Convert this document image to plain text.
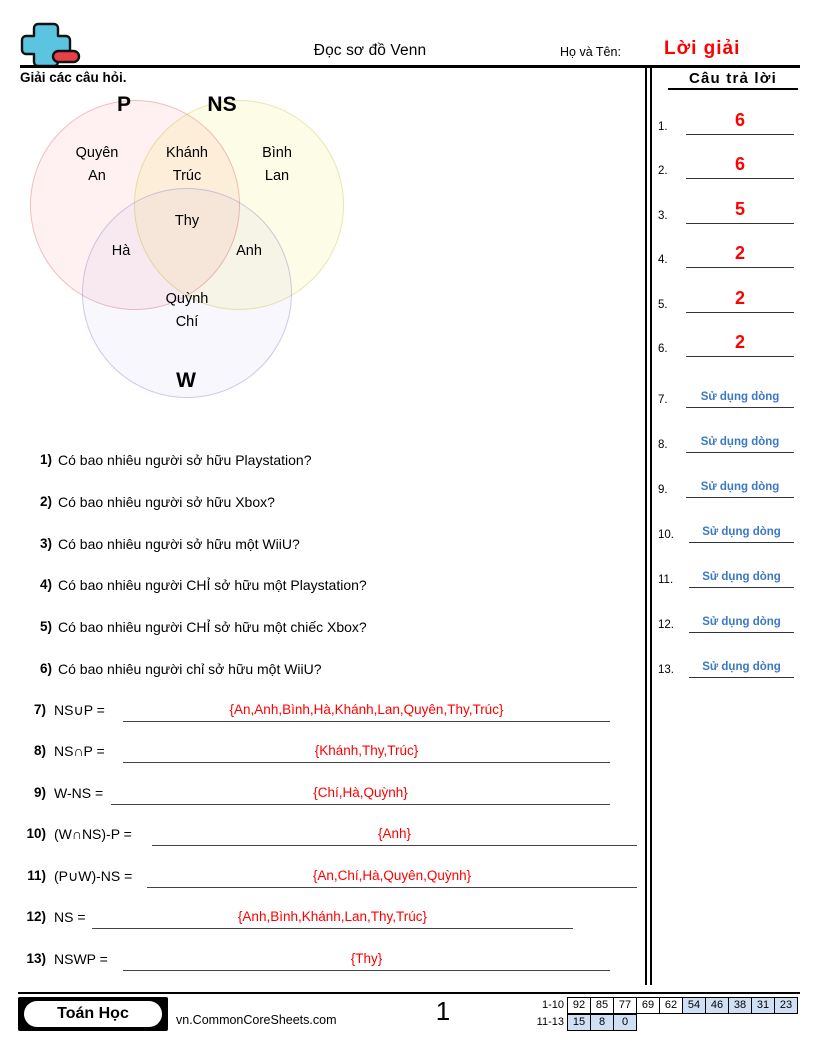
Đọc sơ đồ Venn	Họ và Tên: Lời giải
Giải các câu hỏi.	Câu trả lời
P	NS
W
Quyên
An
Khánh
Trúc
Bình
Lan
Thy
Hà	Anh
Quỳnh
Chí
1) Có bao nhiêu người sở hữu Playstation?
2) Có bao nhiêu người sở hữu Xbox?
3) Có bao nhiêu người sở hữu một WiiU?
4) Có bao nhiêu người CHỈ sở hữu một Playstation?
5) Có bao nhiêu người CHỈ sở hữu một chiếc Xbox?
6) Có bao nhiêu người chỉ sở hữu một WiiU?
7) NS∪P =	{An,Anh,Bình,Hà,Khánh,Lan,Quyên,Thy,Trúc}
8) NS∩P =	{Khánh,Thy,Trúc}
9) W-NS =	{Chí,Hà,Quỳnh}
10) (W∩NS)-P =	{Anh}
11) (P∪W)-NS =	{An,Chí,Hà,Quyên,Quỳnh}
12) NS =	{Anh,Bình,Khánh,Lan,Thy,Trúc}
13) NSWP =	{Thy}
1.	6
2.	6
3.	5
4.	2
5.	2
6.	2
7.	Sử dụng dòng
8.	Sử dụng dòng
9.	Sử dụng dòng
10.	Sử dụng dòng
11.	Sử dụng dòng
12.	Sử dụng dòng
13.	Sử dụng dòng
Toán Học	vn.CommonCoreSheets.com	1	1-10 92 85 77 69 62 54 46 38 31 23
11-13 15	8	0
